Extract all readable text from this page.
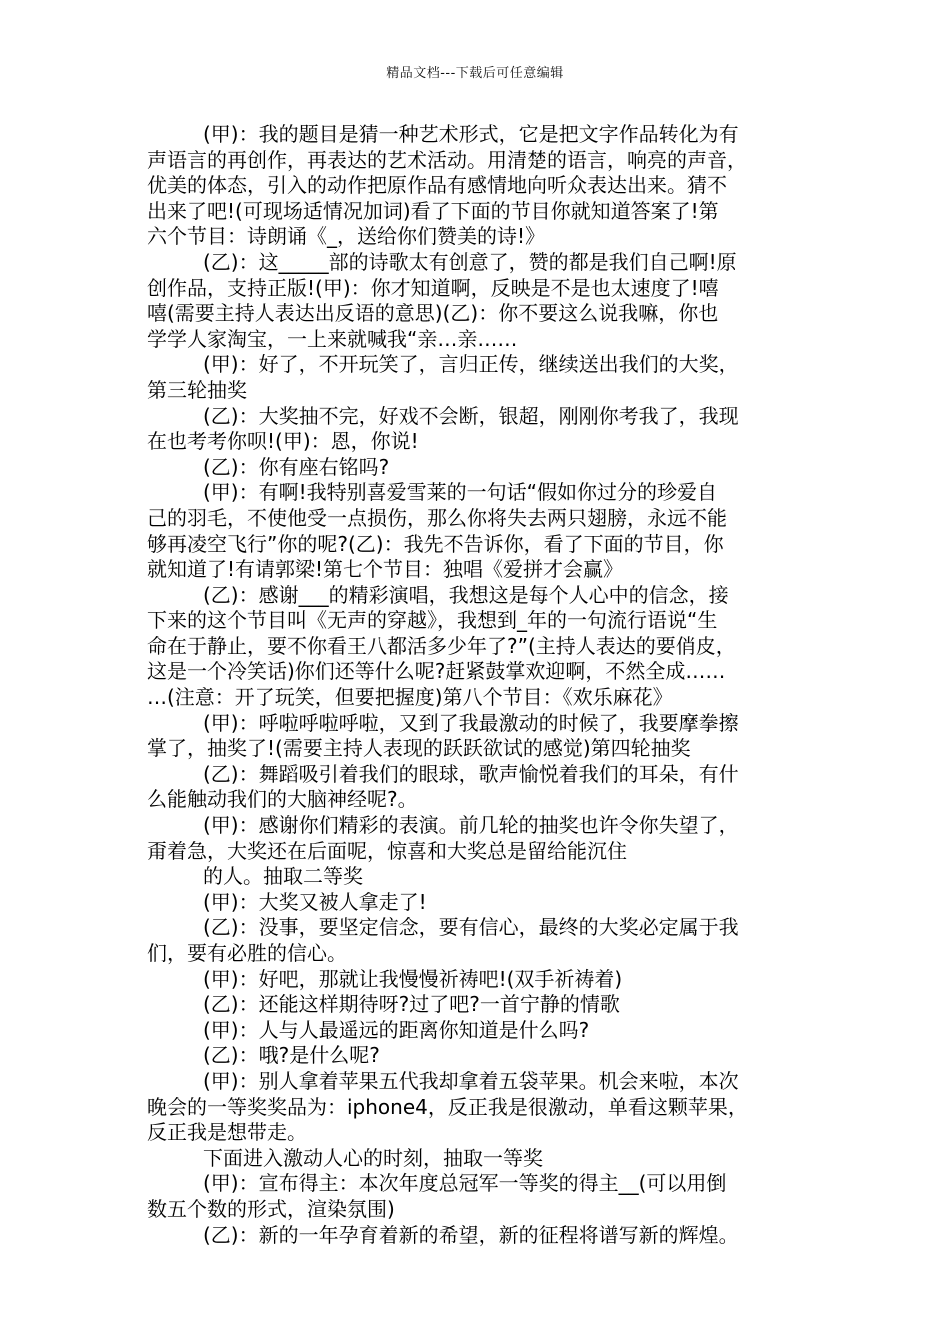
精品文档---下载后可任意编辑
(甲)：我的题目是猜一种艺术形式，它是把文字作品转化为有
声语言的再创作，再表达的艺术活动。用清楚的语言，响亮的声音，
优美的体态，引入的动作把原作品有感情地向听众表达出来。猜不
出来了吧!(可现场适情况加词)看了下面的节目你就知道答案了!第
六个节目：诗朗诵《_，送给你们赞美的诗!》
(乙)：这_____部的诗歌太有创意了，赞的都是我们自己啊!原
创作品，支持正版!(甲)：你才知道啊，反映是不是也太速度了!嘻
嘻(需要主持人表达出反语的意思)(乙)：你不要这么说我嘛，你也
学学人家淘宝，一上来就喊我“亲…亲……
(甲)：好了，不开玩笑了，言归正传，继续送出我们的大奖，
第三轮抽奖
(乙)：大奖抽不完，好戏不会断，银超，刚刚你考我了，我现
在也考考你呗!(甲)：恩，你说!
(乙)：你有座右铭吗?
(甲)：有啊!我特别喜爱雪莱的一句话“假如你过分的珍爱自
己的羽毛，不使他受一点损伤，那么你将失去两只翅膀，永远不能
够再凌空飞行”你的呢?(乙)：我先不告诉你，看了下面的节目，你
就知道了!有请郭梁!第七个节目：独唱《爱拼才会赢》
(乙)：感谢___的精彩演唱，我想这是每个人心中的信念，接
下来的这个节目叫《无声的穿越》，我想到_年的一句流行语说“生
命在于静止，要不你看王八都活多少年了?”(主持人表达的要俏皮，
这是一个冷笑话)你们还等什么呢?赶紧鼓掌欢迎啊，不然全成……
…(注意：开了玩笑，但要把握度)第八个节目：《欢乐麻花》
(甲)：呼啦呼啦呼啦，又到了我最激动的时候了，我要摩拳擦
掌了，抽奖了!(需要主持人表现的跃跃欲试的感觉)第四轮抽奖
(乙)：舞蹈吸引着我们的眼球，歌声愉悦着我们的耳朵，有什
么能触动我们的大脑神经呢?。
(甲)：感谢你们精彩的表演。前几轮的抽奖也许令你失望了，
甭着急，大奖还在后面呢，惊喜和大奖总是留给能沉住
的人。抽取二等奖
(甲)：大奖又被人拿走了!
(乙)：没事，要坚定信念，要有信心，最终的大奖必定属于我
们，要有必胜的信心。
(甲)：好吧，那就让我慢慢祈祷吧!(双手祈祷着)
(乙)：还能这样期待呀?过了吧?一首宁静的情歌
(甲)：人与人最遥远的距离你知道是什么吗?
(乙)：哦?是什么呢?
(甲)：别人拿着苹果五代我却拿着五袋苹果。机会来啦，本次
晚会的一等奖奖品为：iphone4，反正我是很激动，单看这颗苹果，
反正我是想带走。
下面进入激动人心的时刻，抽取一等奖
(甲)：宣布得主：本次年度总冠军一等奖的得主__(可以用倒
数五个数的形式，渲染氛围)
(乙)：新的一年孕育着新的希望，新的征程将谱写新的辉煌。
